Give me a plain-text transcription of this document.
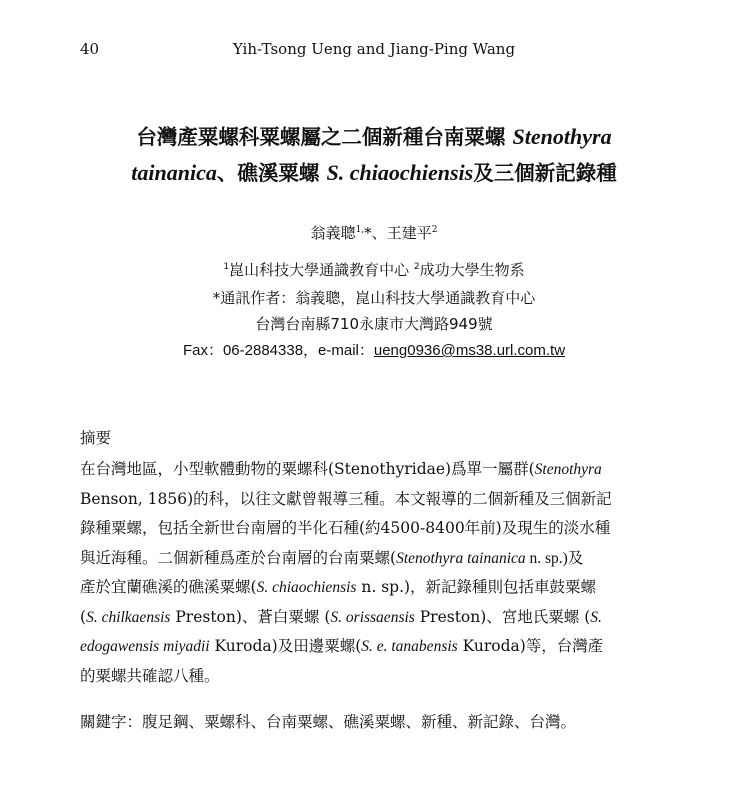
40	Yih-Tsong Ueng and Jiang-Ping Wang
台灣產粟螺科粟螺屬之二個新種台南粟螺 Stenothyra
tainanica、礁溪粟螺 S. chiaochiensis及三個新記錄種
翁義聰$^{1,}$*、王建平$^2$
$^1$崑山科技大學通識教育中心 $^2$成功大學生物系
*通訊作者：翁義聰，崑山科技大學通識教育中心
台灣台南縣710永康市大灣路949號
Fax：06-2884338，e-mail：ueng0936@ms38.url.com.tw
摘要
在台灣地區，小型軟體動物的粟螺科(Stenothyridae)爲單一屬群(Stenothyra
Benson, 1856)的科，以往文獻曾報導三種。本文報導的二個新種及三個新記
錄種粟螺，包括全新世台南層的半化石種(約4500-8400年前)及現生的淡水種
與近海種。二個新種爲產於台南層的台南粟螺(Stenothyra tainanica n. sp.)及
產於宜蘭礁溪的礁溪粟螺(S. chiaochiensis n. sp.)，新記錄種則包括車鼓粟螺
(S. chilkaensis Preston)、蒼白粟螺 (S. orissaensis Preston)、宮地氏粟螺 (S.
edogawensis miyadii Kuroda)及田邊粟螺(S. e. tanabensis Kuroda)等，台灣產
的粟螺共確認八種。
關鍵字：腹足鋼、粟螺科、台南粟螺、礁溪粟螺、新種、新記錄、台灣。
